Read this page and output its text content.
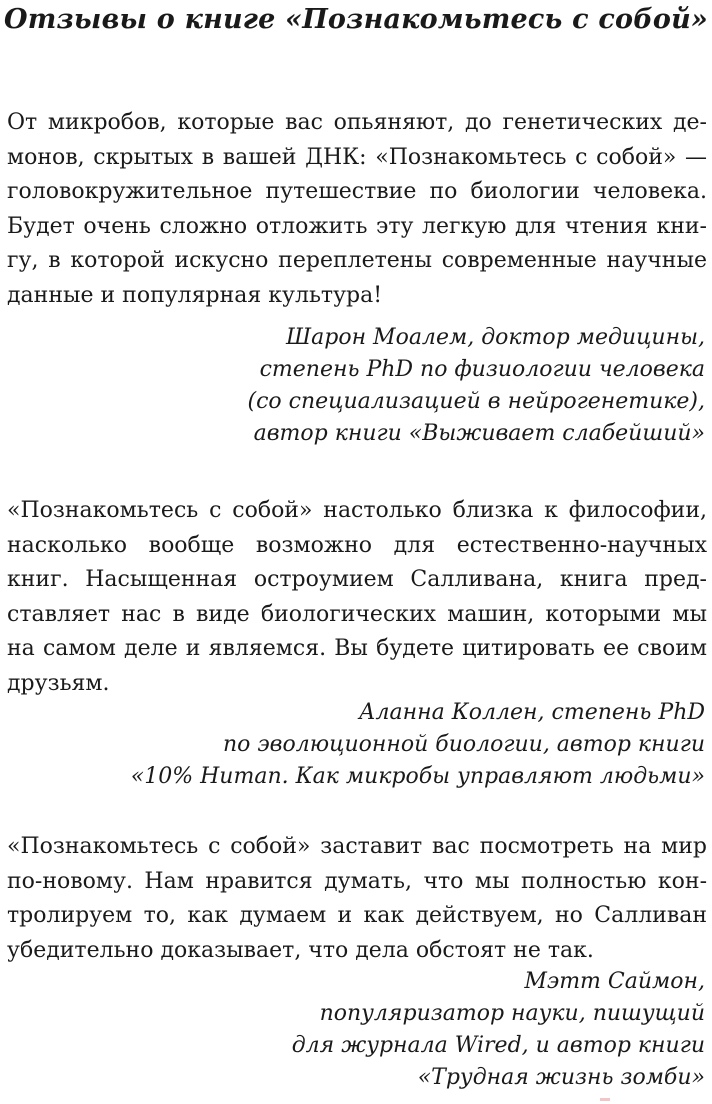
Отзывы о книге «Познакомьтесь с собой»

От микробов, которые вас опьяняют, до генетических де-
монов, скрытых в вашей ДНК: «Познакомьтесь с собой» —
головокружительное путешествие по биологии человека.
Будет очень сложно отложить эту легкую для чтения кни-
гу, в которой искусно переплетены современные научные
данные и популярная культура!

Шарон Моалем, доктор медицины,
степень PhD по физиологии человека
(со специализацией в нейрогенетике),
автор книги «Выживает слабейший»

«Познакомьтесь с собой» настолько близка к философии,
насколько вообще возможно для естественно-научных
книг. Насыщенная остроумием Салливана, книга пред-
ставляет нас в виде биологических машин, которыми мы
на самом деле и являемся. Вы будете цитировать ее своим
друзьям.

Аланна Коллен, степень PhD
по эволюционной биологии, автор книги
«10% Human. Как микробы управляют людьми»

«Познакомьтесь с собой» заставит вас посмотреть на мир
по-новому. Нам нравится думать, что мы полностью кон-
тролируем то, как думаем и как действуем, но Салливан
убедительно доказывает, что дела обстоят не так.

Мэтт Саймон,
популяризатор науки, пишущий
для журнала Wired, и автор книги
«Трудная жизнь зомби»
